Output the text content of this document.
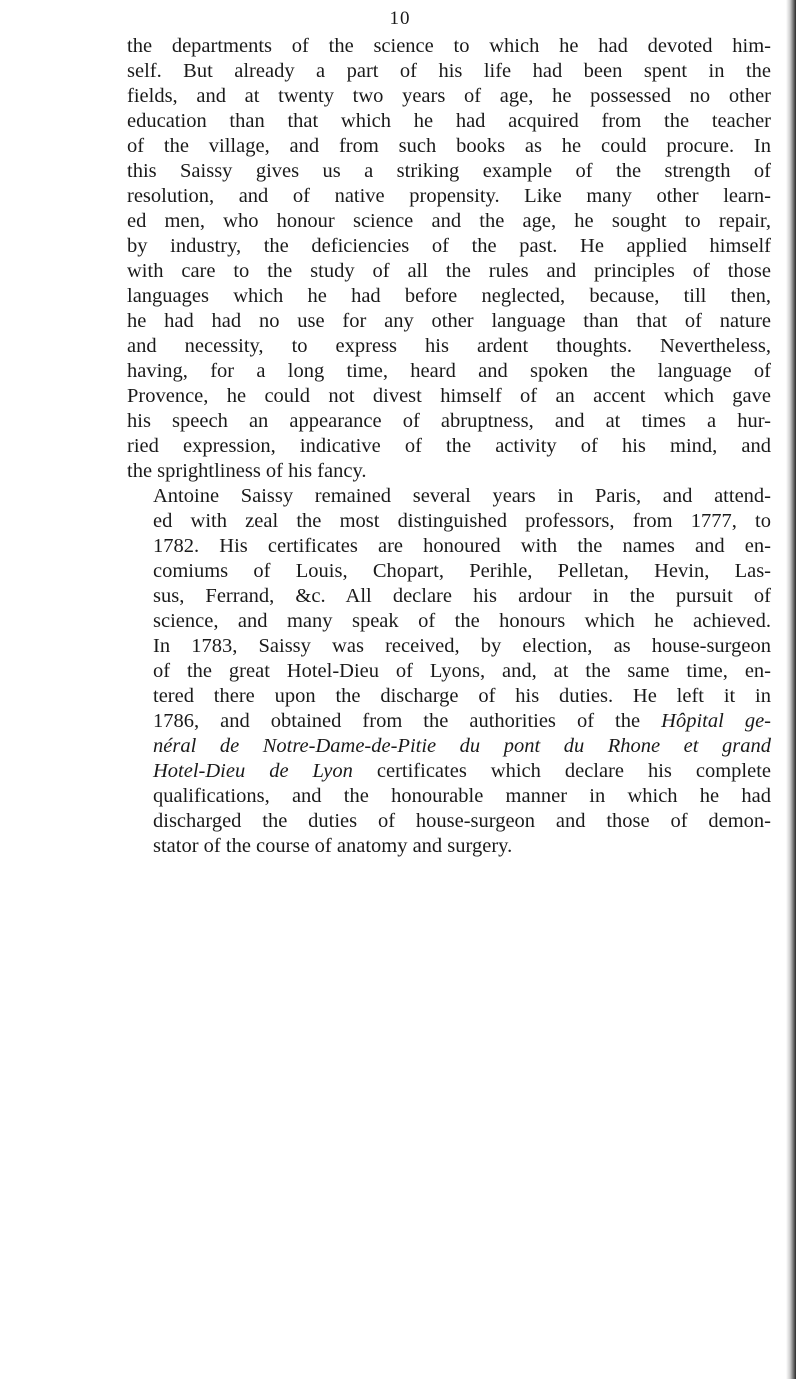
10

the departments of the science to which he had devoted him-
self. But already a part of his life had been spent in the
fields, and at twenty two years of age, he possessed no other
education than that which he had acquired from the teacher
of the village, and from such books as he could procure. In
this Saissy gives us a striking example of the strength of
resolution, and of native propensity. Like many other learn-
ed men, who honour science and the age, he sought to repair,
by industry, the deficiencies of the past. He applied himself
with care to the study of all the rules and principles of those
languages which he had before neglected, because, till then,
he had had no use for any other language than that of nature
and necessity, to express his ardent thoughts. Nevertheless,
having, for a long time, heard and spoken the language of
Provence, he could not divest himself of an accent which gave
his speech an appearance of abruptness, and at times a hur-
ried expression, indicative of the activity of his mind, and
the sprightliness of his fancy.

Antoine Saissy remained several years in Paris, and attend-
ed with zeal the most distinguished professors, from 1777, to
1782. His certificates are honoured with the names and en-
comiums of Louis, Chopart, Perihle, Pelletan, Hevin, Las-
sus, Ferrand, &c. All declare his ardour in the pursuit of
science, and many speak of the honours which he achieved.
In 1783, Saissy was received, by election, as house-surgeon
of the great Hotel-Dieu of Lyons, and, at the same time, en-
tered there upon the discharge of his duties. He left it in
1786, and obtained from the authorities of the Hôpital ge-
néral de Notre-Dame-de-Pitie du pont du Rhone et grand
Hotel-Dieu de Lyon certificates which declare his complete
qualifications, and the honourable manner in which he had
discharged the duties of house-surgeon and those of demon-
stator of the course of anatomy and surgery.
